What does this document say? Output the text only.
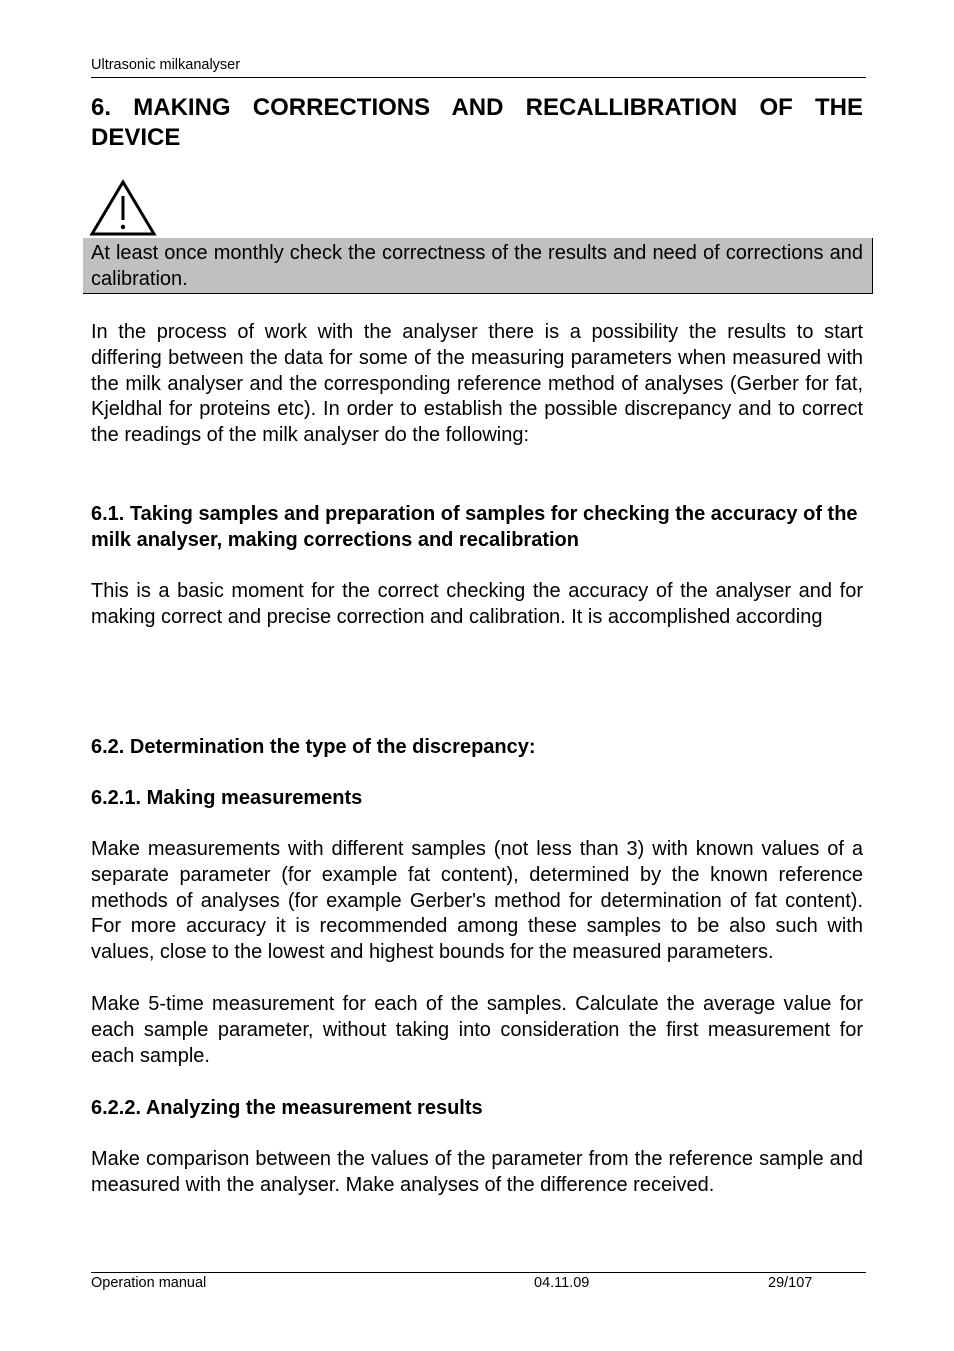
Ultrasonic milkanalyser
6. MAKING CORRECTIONS AND RECALLIBRATION OF THE DEVICE
At least once monthly check the correctness of the results and need of corrections and calibration.

In the process of work with the analyser there is a possibility the results to start differing between the data for some of the measuring parameters when measured with the milk analyser and the corresponding reference method of analyses (Gerber for fat, Kjeldhal for proteins etc). In order to establish the possible discrepancy and to correct the readings of the milk analyser do the following:

6.1. Taking samples and preparation of samples for checking the accuracy of the milk analyser, making corrections and recalibration

This is a basic moment for the correct checking the accuracy of the analyser and for making correct and precise correction and calibration. It is accomplished according

6.2. Determination the type of the discrepancy:
6.2.1. Making measurements

Make measurements with different samples (not less than 3) with known values of a separate parameter (for example fat content), determined by the known reference methods of analyses (for example Gerber's method for determination of fat content). For more accuracy it is recommended among these samples to be also such with values, close to the lowest and highest bounds for the measured parameters.

Make 5-time measurement for each of the samples. Calculate the average value for each sample parameter, without taking into consideration the first measurement for each sample.

6.2.2. Analyzing the measurement results

Make comparison between the values of the parameter from the reference sample and measured with the analyser. Make analyses of the difference received.

Operation manual	04.11.09	29/107
